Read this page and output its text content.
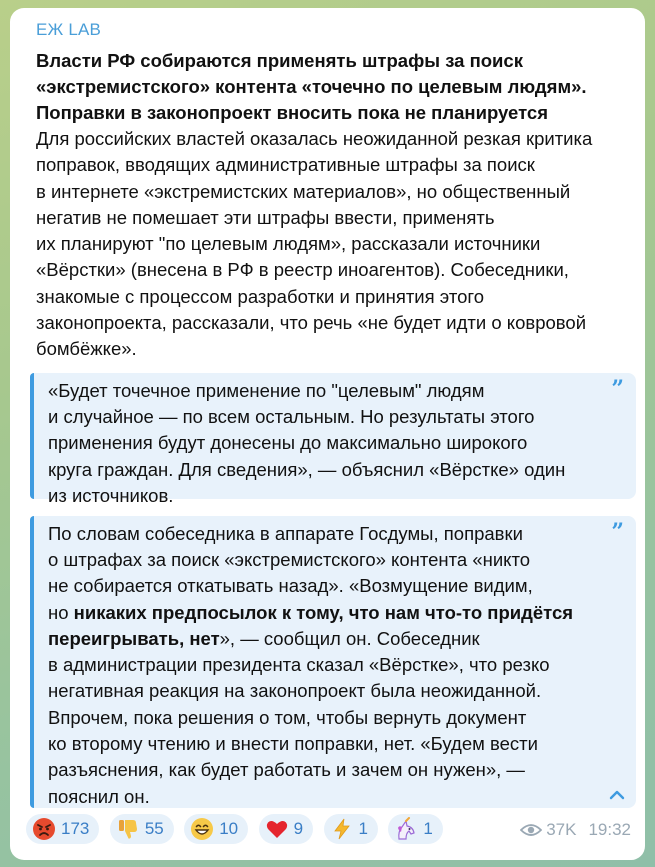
ЕЖ LAB
Власти РФ собираются применять штрафы за поиск
«экстремистского» контента «точечно по целевым людям».
Поправки в законопроект вносить пока не планируется
Для российских властей оказалась неожиданной резкая критика
поправок, вводящих административные штрафы за поиск
в интернете «экстремистских материалов», но общественный
негатив не помешает эти штрафы ввести, применять
их планируют "по целевым людям», рассказали источники
«Вёрстки» (внесена в РФ в реестр иноагентов). Собеседники,
знакомые с процессом разработки и принятия этого
законопроекта, рассказали, что речь «не будет идти о ковровой
бомбёжке».
”
«Будет точечное применение по "целевым" людям
и случайное — по всем остальным. Но результаты этого
применения будут донесены до максимально широкого
круга граждан. Для сведения», — объяснил «Вёрстке» один
из источников.
”
По словам собеседника в аппарате Госдумы, поправки
о штрафах за поиск «экстремистского» контента «никто
не собирается откатывать назад». «Возмущение видим,
но никаких предпосылок к тому, что нам что-то придётся
переигрывать, нет», — сообщил он. Собеседник
в администрации президента сказал «Вёрстке», что резко
негативная реакция на законопроект была неожиданной.
Впрочем, пока решения о том, чтобы вернуть документ
ко второму чтению и внести поправки, нет. «Будем вести
разъяснения, как будет работать и зачем он нужен», —
пояснил он.
173
	55
	10
	9
	1
	1	37K 19:32
